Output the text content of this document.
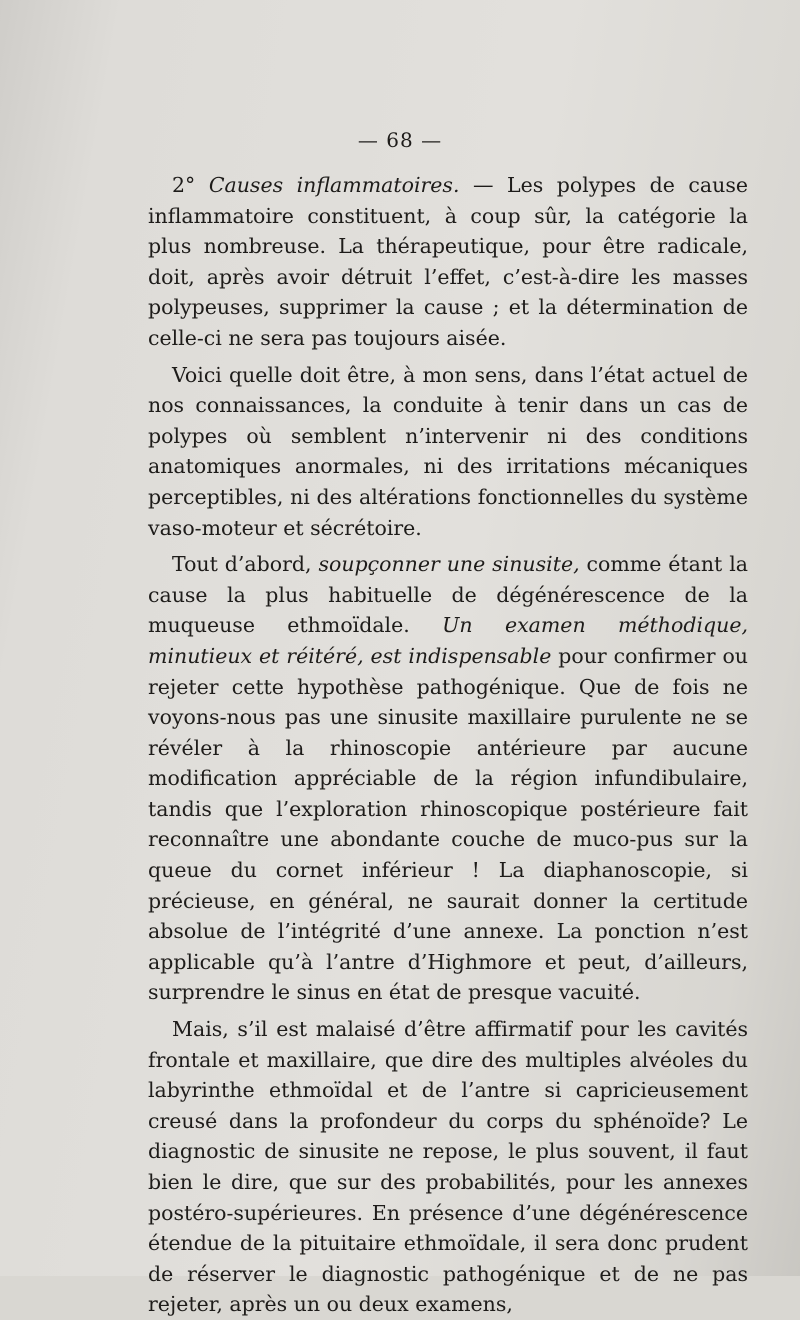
— 68 —

2° Causes inflammatoires. — Les polypes de cause inflammatoire constituent, à coup sûr, la catégorie la plus nombreuse. La thérapeutique, pour être radicale, doit, après avoir détruit l’effet, c’est-à-dire les masses polypeuses, supprimer la cause ; et la détermination de celle-ci ne sera pas toujours aisée.

Voici quelle doit être, à mon sens, dans l’état actuel de nos connaissances, la conduite à tenir dans un cas de polypes où semblent n’intervenir ni des conditions anatomiques anormales, ni des irritations mécaniques perceptibles, ni des altérations fonctionnelles du système vaso-moteur et sécrétoire.

Tout d’abord, soupçonner une sinusite, comme étant la cause la plus habituelle de dégénérescence de la muqueuse ethmoïdale. Un examen méthodique, minutieux et réitéré, est indispensable pour confirmer ou rejeter cette hypothèse pathogénique. Que de fois ne voyons-nous pas une sinusite maxillaire purulente ne se révéler à la rhinoscopie antérieure par aucune modification appréciable de la région infundibulaire, tandis que l’exploration rhinoscopique postérieure fait reconnaître une abondante couche de muco-pus sur la queue du cornet inférieur ! La diaphanoscopie, si précieuse, en général, ne saurait donner la certitude absolue de l’intégrité d’une annexe. La ponction n’est applicable qu’à l’antre d’Highmore et peut, d’ailleurs, surprendre le sinus en état de presque vacuité.

Mais, s’il est malaisé d’être affirmatif pour les cavités frontale et maxillaire, que dire des multiples alvéoles du labyrinthe ethmoïdal et de l’antre si capricieusement creusé dans la profondeur du corps du sphénoïde? Le diagnostic de sinusite ne repose, le plus souvent, il faut bien le dire, que sur des probabilités, pour les annexes postéro-supérieures. En présence d’une dégénérescence étendue de la pituitaire ethmoïdale, il sera donc prudent de réserver le diagnostic pathogénique et de ne pas rejeter, après un ou deux examens,
